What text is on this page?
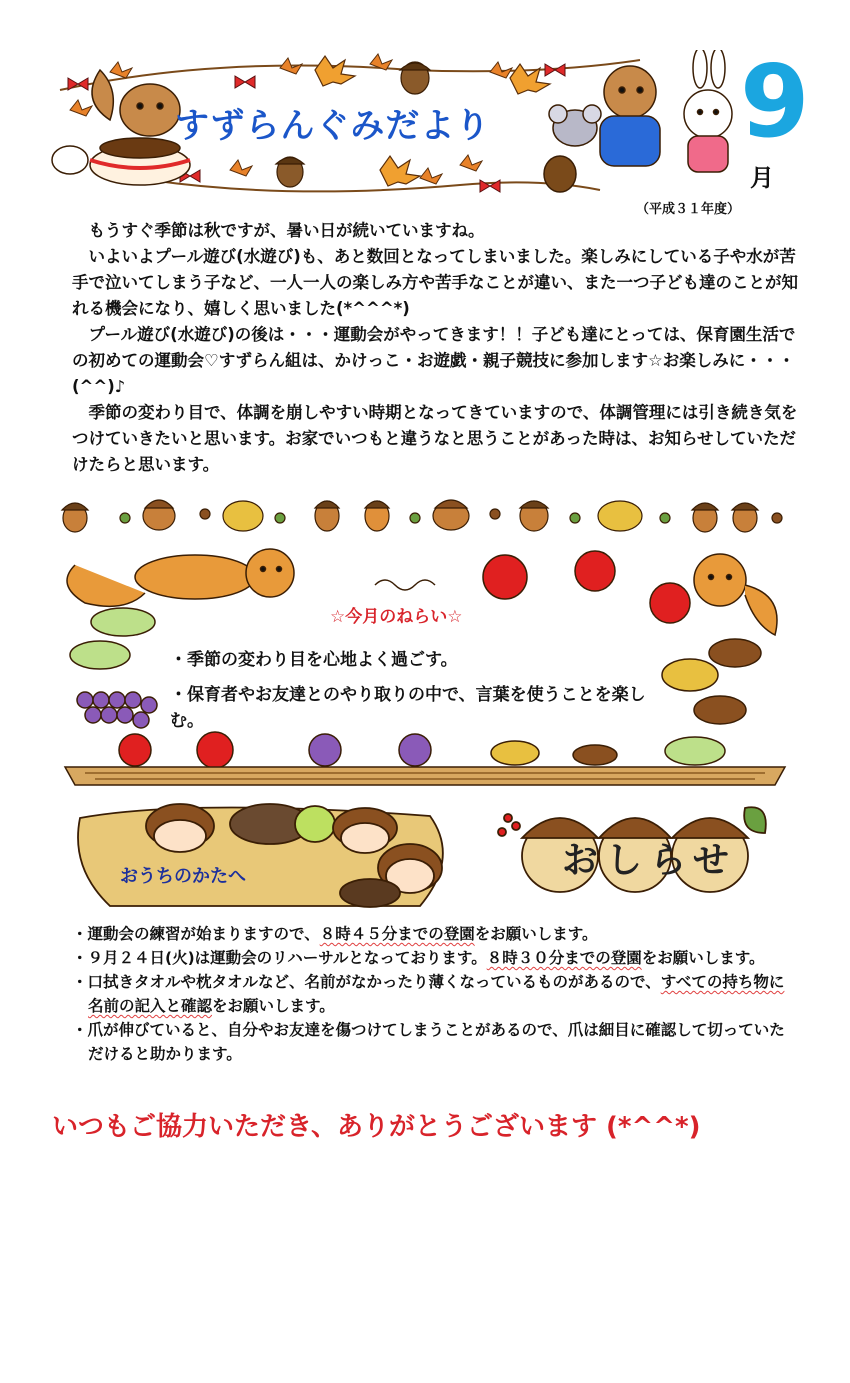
すずらんぐみだより 9
月
（平成３１年度）

もうすぐ季節は秋ですが、暑い日が続いていますね。

いよいよプール遊び(水遊び)も、あと数回となってしまいました。楽しみにしている子や水が苦手で泣いてしまう子など、一人一人の楽しみ方や苦手なことが違い、また一つ子ども達のことが知れる機会になり、嬉しく思いました(*^^^*)

プール遊び(水遊び)の後は・・・運動会がやってきます！！子ども達にとっては、保育園生活での初めての運動会♡すずらん組は、かけっこ・お遊戯・親子競技に参加します☆お楽しみに・・・(^^)♪

季節の変わり目で、体調を崩しやすい時期となってきていますので、体調管理には引き続き気をつけていきたいと思います。お家でいつもと違うなと思うことがあった時は、お知らせしていただけたらと思います。

☆今月のねらい☆
・季節の変わり目を心地よく過ごす。
・保育者やお友達とのやり取りの中で、言葉を使うことを楽しむ。
おうちのかたへ	おしらせ

・運動会の練習が始まりますので、８時４５分までの登園をお願いします。

・９月２４日(火)は運動会のリハーサルとなっております。８時３０分までの登園をお願いします。

・口拭きタオルや枕タオルなど、名前がなかったり薄くなっているものがあるので、すべての持ち物に名前の記入と確認をお願いします。

・爪が伸びていると、自分やお友達を傷つけてしまうことがあるので、爪は細目に確認して切っていただけると助かります。

いつもご協力いただき、ありがとうございます (*^^*)
